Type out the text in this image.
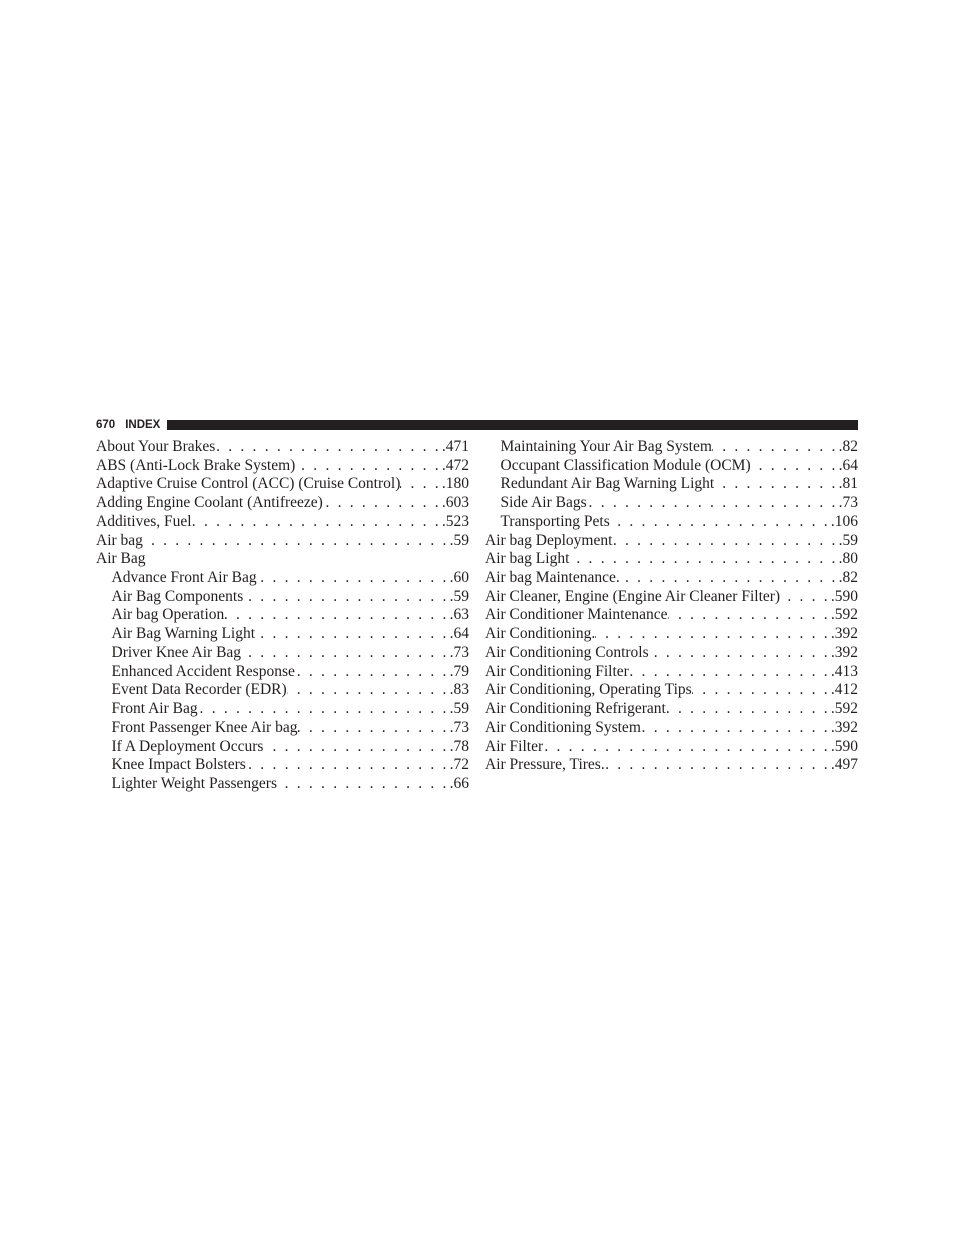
670 INDEX
About Your Brakes . . .	.471
ABS (Anti-Lock Brake System) . . .	.472
Adaptive Cruise Control (ACC) (Cruise Control) . . .	.180
Adding Engine Coolant (Antifreeze) . . .	.603
Additives, Fuel . . .	.523
Air bag . . .	.59
Air Bag
Advance Front Air Bag . . .	.60
Air Bag Components . . .	.59
Air bag Operation . . .	.63
Air Bag Warning Light . . .	.64
Driver Knee Air Bag . . .	.73
Enhanced Accident Response . . .	.79
Event Data Recorder (EDR) . . .	.83
Front Air Bag . . .	.59
Front Passenger Knee Air bag . . .	.73
If A Deployment Occurs . . .	.78
Knee Impact Bolsters . . .	.72
Lighter Weight Passengers . . .	.66
Maintaining Your Air Bag System . . .	.82
Occupant Classification Module (OCM) . . .	.64
Redundant Air Bag Warning Light . . .	.81
Side Air Bags . . .	.73
Transporting Pets . . .	.106
Air bag Deployment . . .	.59
Air bag Light . . .	.80
Air bag Maintenance. . . .	.82
Air Cleaner, Engine (Engine Air Cleaner Filter) . . .	.590
Air Conditioner Maintenance . . .	.592
Air Conditioning. . . .	.392
Air Conditioning Controls . . .	.392
Air Conditioning Filter . . .	.413
Air Conditioning, Operating Tips . . .	.412
Air Conditioning Refrigerant . . .	.592
Air Conditioning System . . .	.392
Air Filter . . .	.590
Air Pressure, Tires. . . .	.497
